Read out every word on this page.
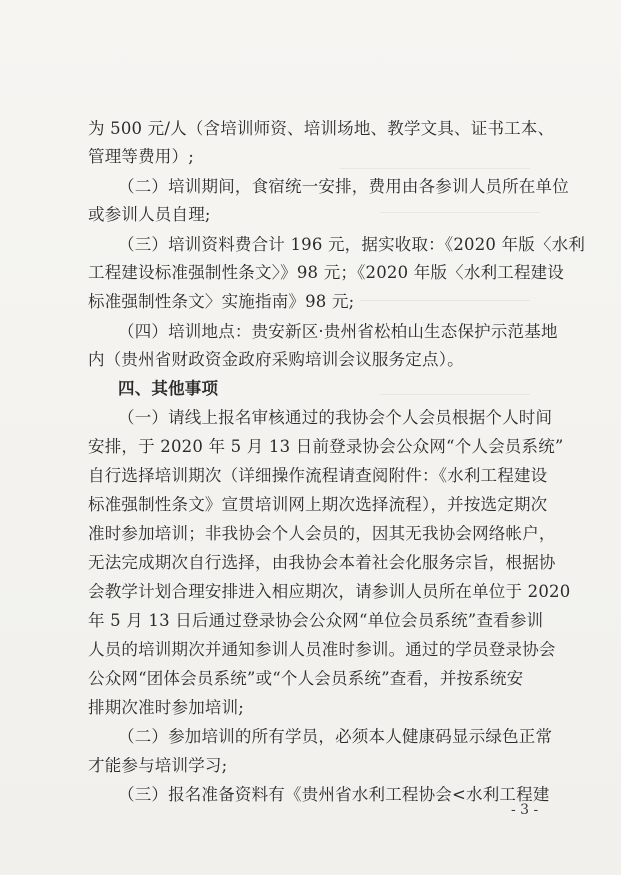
为 500 元/人（含培训师资、培训场地、教学文具、证书工本、
管理等费用）;
（二）培训期间，食宿统一安排，费用由各参训人员所在单位
或参训人员自理;
（三）培训资料费合计 196 元，据实收取：《2020 年版〈水利
工程建设标准强制性条文〉》98 元；《2020 年版〈水利工程建设
标准强制性条文〉实施指南》98 元;
（四）培训地点：贵安新区·贵州省松柏山生态保护示范基地
内（贵州省财政资金政府采购培训会议服务定点）。
四、其他事项
（一）请线上报名审核通过的我协会个人会员根据个人时间
安排，于 2020 年 5 月 13 日前登录协会公众网“个人会员系统”
自行选择培训期次（详细操作流程请查阅附件：《水利工程建设
标准强制性条文》宣贯培训网上期次选择流程），并按选定期次
准时参加培训；非我协会个人会员的，因其无我协会网络帐户，
无法完成期次自行选择，由我协会本着社会化服务宗旨，根据协
会教学计划合理安排进入相应期次，请参训人员所在单位于 2020
年 5 月 13 日后通过登录协会公众网“单位会员系统”查看参训
人员的培训期次并通知参训人员准时参训。通过的学员登录协会
公众网“团体会员系统”或“个人会员系统”查看，并按系统安
排期次准时参加培训;
（二）参加培训的所有学员，必须本人健康码显示绿色正常
才能参与培训学习;
（三）报名准备资料有《贵州省水利工程协会<水利工程建
- 3 -
